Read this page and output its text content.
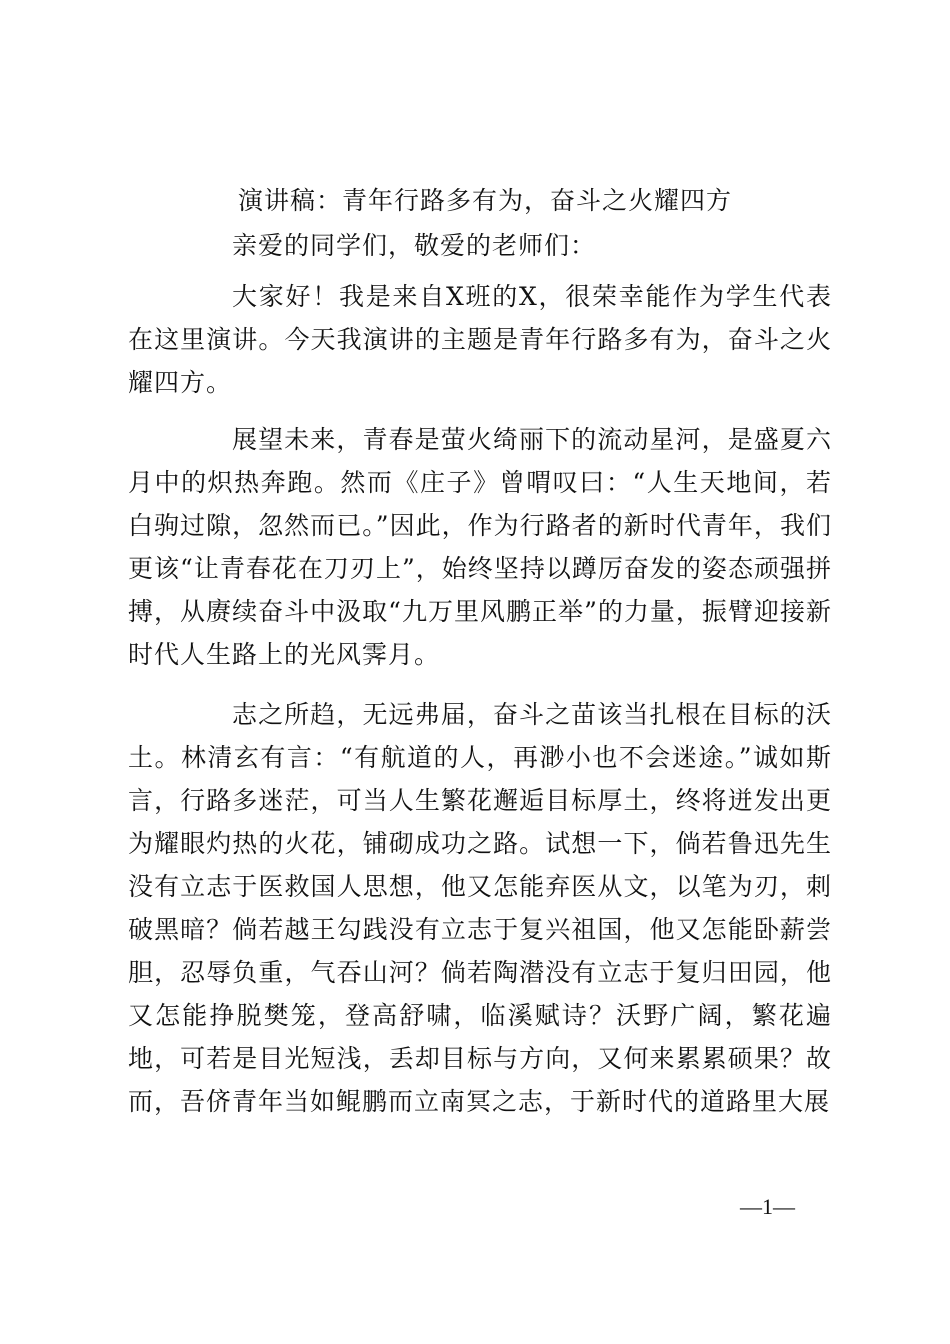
演讲稿：青年行路多有为，奋斗之火耀四方

亲爱的同学们，敬爱的老师们：

大家好！我是来自X班的X，很荣幸能作为学生代表在这里演讲。今天我演讲的主题是青年行路多有为，奋斗之火耀四方。

展望未来，青春是萤火绮丽下的流动星河，是盛夏六月中的炽热奔跑。然而《庄子》曾喟叹曰：“人生天地间，若白驹过隙，忽然而已。”因此，作为行路者的新时代青年，我们更该“让青春花在刀刃上”，始终坚持以蹲厉奋发的姿态顽强拼搏，从赓续奋斗中汲取“九万里风鹏正举”的力量，振臂迎接新时代人生路上的光风霁月。

志之所趋，无远弗届，奋斗之苗该当扎根在目标的沃土。林清玄有言：“有航道的人，再渺小也不会迷途。”诚如斯言，行路多迷茫，可当人生繁花邂逅目标厚土，终将迸发出更为耀眼灼热的火花，铺砌成功之路。试想一下，倘若鲁迅先生没有立志于医救国人思想，他又怎能弃医从文，以笔为刃，刺破黑暗？倘若越王勾践没有立志于复兴祖国，他又怎能卧薪尝胆，忍辱负重，气吞山河？倘若陶潜没有立志于复归田园，他又怎能挣脱樊笼，登高舒啸，临溪赋诗？沃野广阔，繁花遍地，可若是目光短浅，丢却目标与方向，又何来累累硕果？故而，吾侪青年当如鲲鹏而立南冥之志，于新时代的道路里大展

—1—
